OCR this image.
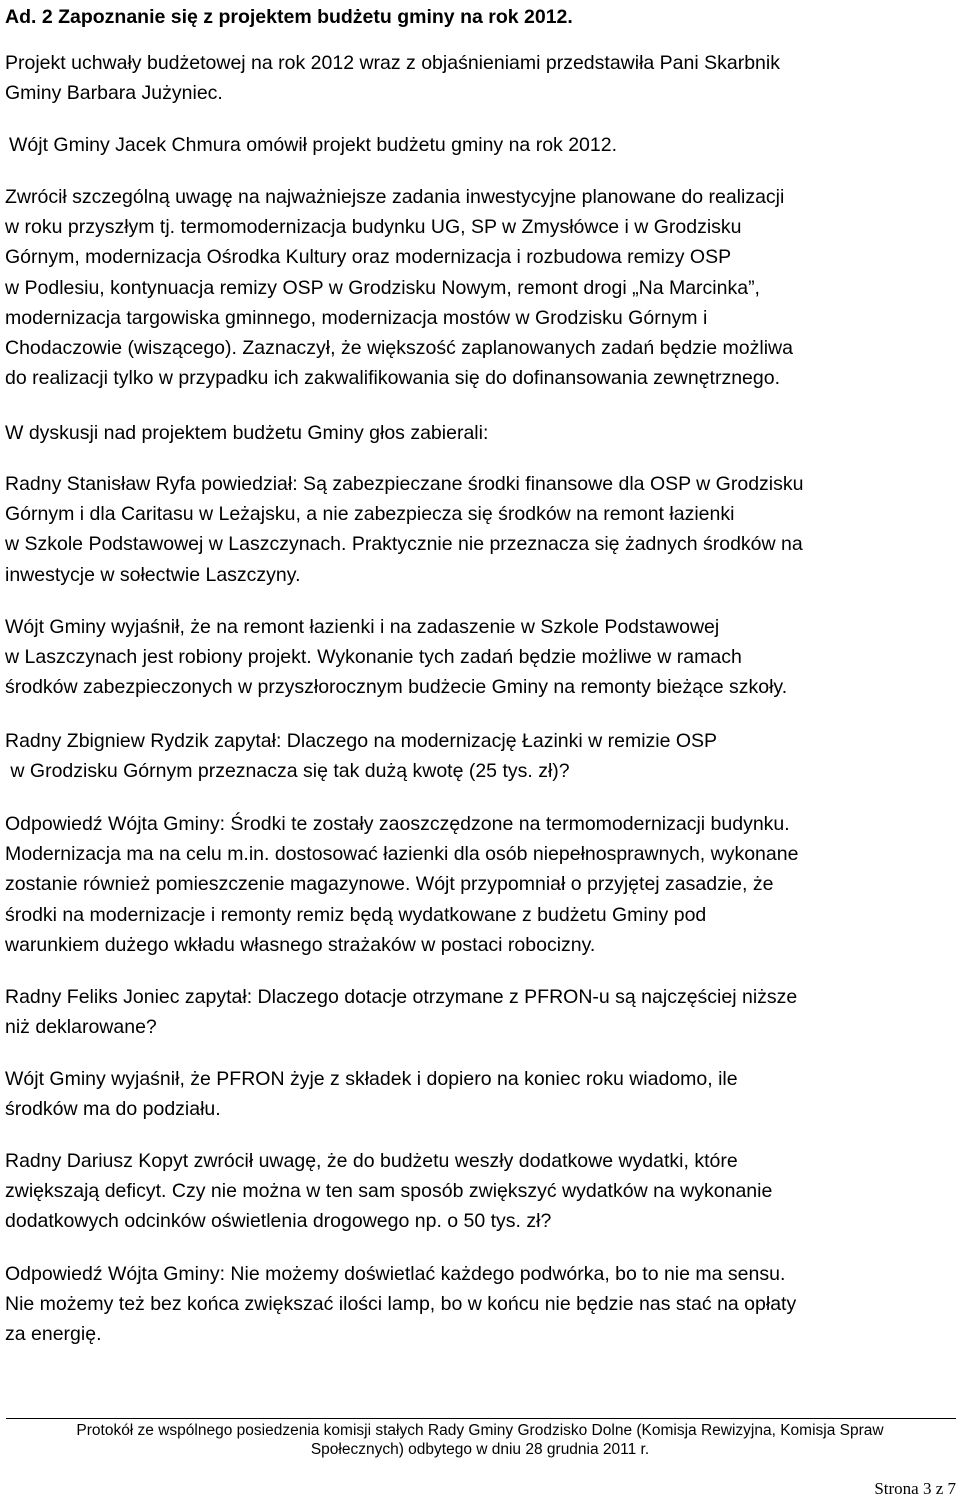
Ad. 2 Zapoznanie się z projektem budżetu gminy na rok 2012.

Projekt uchwały budżetowej na rok 2012 wraz z objaśnieniami przedstawiła Pani Skarbnik
Gminy Barbara Jużyniec.

Wójt Gminy Jacek Chmura omówił projekt budżetu gminy na rok 2012.

Zwrócił szczególną uwagę na najważniejsze zadania inwestycyjne planowane do realizacji
w roku przyszłym tj. termomodernizacja budynku UG, SP w Zmysłówce i w Grodzisku
Górnym, modernizacja Ośrodka Kultury oraz modernizacja i rozbudowa remizy OSP
w Podlesiu, kontynuacja remizy OSP w Grodzisku Nowym, remont drogi „Na Marcinka”,
modernizacja targowiska gminnego, modernizacja mostów w Grodzisku Górnym i
Chodaczowie (wiszącego). Zaznaczył, że większość zaplanowanych zadań będzie możliwa
do realizacji tylko w przypadku ich zakwalifikowania się do dofinansowania zewnętrznego.

W dyskusji nad projektem budżetu Gminy głos zabierali:

Radny Stanisław Ryfa powiedział: Są zabezpieczane środki finansowe dla OSP w Grodzisku
Górnym i dla Caritasu w Leżajsku, a nie zabezpiecza się środków na remont łazienki
w Szkole Podstawowej w Laszczynach. Praktycznie nie przeznacza się żadnych środków na
inwestycje w sołectwie Laszczyny.

Wójt Gminy wyjaśnił, że na remont łazienki i na zadaszenie w Szkole Podstawowej
w Laszczynach jest robiony projekt. Wykonanie tych zadań będzie możliwe w ramach
środków zabezpieczonych w przyszłorocznym budżecie Gminy na remonty bieżące szkoły.

Radny Zbigniew Rydzik zapytał: Dlaczego na modernizację Łazinki w remizie OSP
w Grodzisku Górnym przeznacza się tak dużą kwotę (25 tys. zł)?

Odpowiedź Wójta Gminy: Środki te zostały zaoszczędzone na termomodernizacji budynku.
Modernizacja ma na celu m.in. dostosować łazienki dla osób niepełnosprawnych, wykonane
zostanie również pomieszczenie magazynowe. Wójt przypomniał o przyjętej zasadzie, że
środki na modernizacje i remonty remiz będą wydatkowane z budżetu Gminy pod
warunkiem dużego wkładu własnego strażaków w postaci robocizny.

Radny Feliks Joniec zapytał: Dlaczego dotacje otrzymane z PFRON-u są najczęściej niższe
niż deklarowane?

Wójt Gminy wyjaśnił, że PFRON żyje z składek i dopiero na koniec roku wiadomo, ile
środków ma do podziału.

Radny Dariusz Kopyt zwrócił uwagę, że do budżetu weszły dodatkowe wydatki, które
zwiększają deficyt. Czy nie można w ten sam sposób zwiększyć wydatków na wykonanie
dodatkowych odcinków oświetlenia drogowego np. o 50 tys. zł?

Odpowiedź Wójta Gminy: Nie możemy doświetlać każdego podwórka, bo to nie ma sensu.
Nie możemy też bez końca zwiększać ilości lamp, bo w końcu nie będzie nas stać na opłaty
za energię.

Protokół ze wspólnego posiedzenia komisji stałych Rady Gminy Grodzisko Dolne (Komisja Rewizyjna, Komisja Spraw
Społecznych) odbytego w dniu 28 grudnia 2011 r.
Strona 3 z 7
